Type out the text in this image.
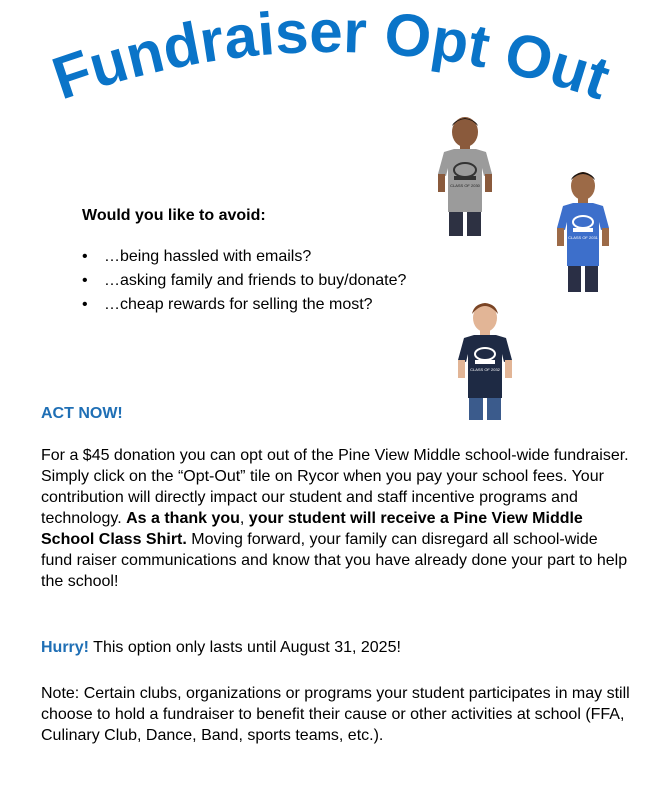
Fundraiser Opt Out
CLASS OF 2030
CLASS OF 2031
CLASS OF 2032
Would you like to avoid:
• …being hassled with emails?
• …asking family and friends to buy/donate?
• …cheap rewards for selling the most?
ACT NOW!

For a $45 donation you can opt out of the Pine View Middle school-wide fundraiser. Simply click on the “Opt-Out” tile on Rycor when you pay your school fees. Your contribution will directly impact our student and staff incentive programs and technology. As a thank you, your student will receive a Pine View Middle School Class Shirt. Moving forward, your family can disregard all school-wide fund raiser communications and know that you have already done your part to help the school!

Hurry! This option only lasts until August 31, 2025!

Note: Certain clubs, organizations or programs your student participates in may still choose to hold a fundraiser to benefit their cause or other activities at school (FFA, Culinary Club, Dance, Band, sports teams, etc.).
